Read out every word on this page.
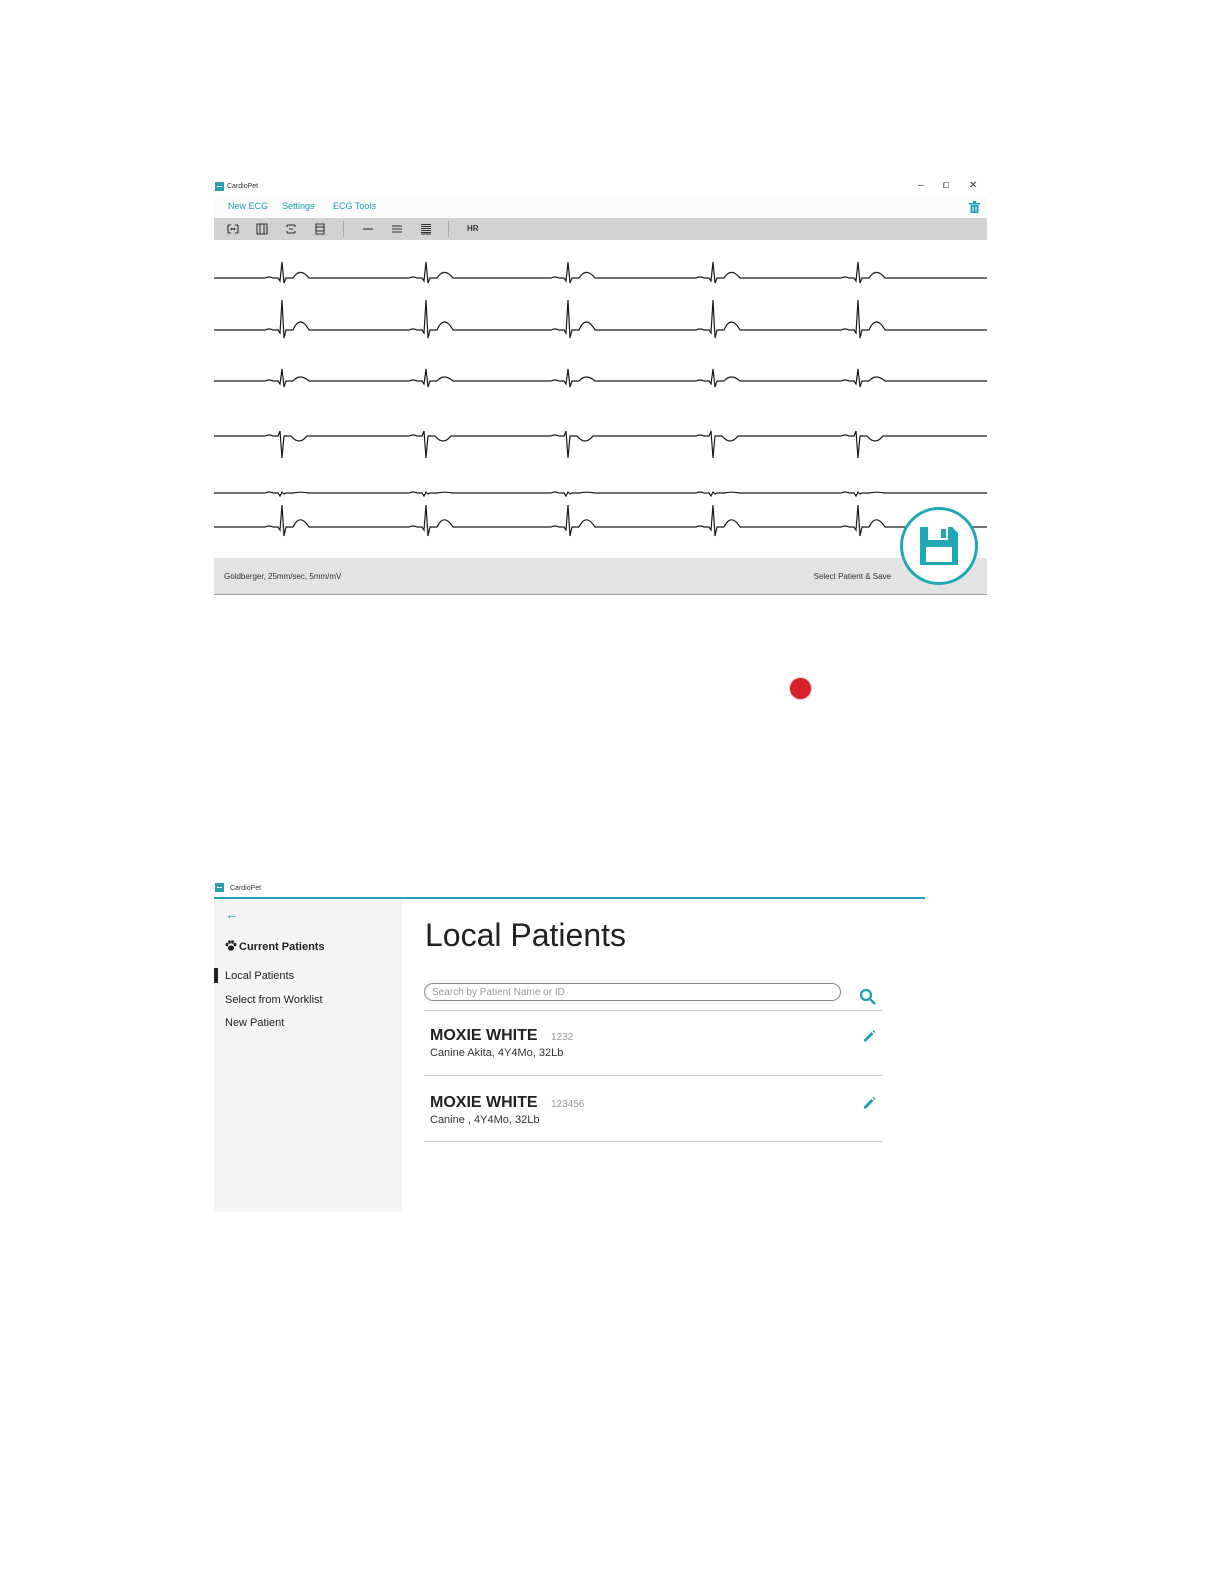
CardioPet	– ⧠ ✕
New ECG Settings ECG Tools
HR
Goldberger, 25mm/sec, 5mm/mV	Select Patient & Save
CardioPet
←
Current Patients
Local Patients
Select from Worklist
New Patient
Local Patients
Search by Patient Name or ID
MOXIE WHITE 1232
Canine Akita, 4Y4Mo, 32Lb
MOXIE WHITE 123456
Canine , 4Y4Mo, 32Lb
